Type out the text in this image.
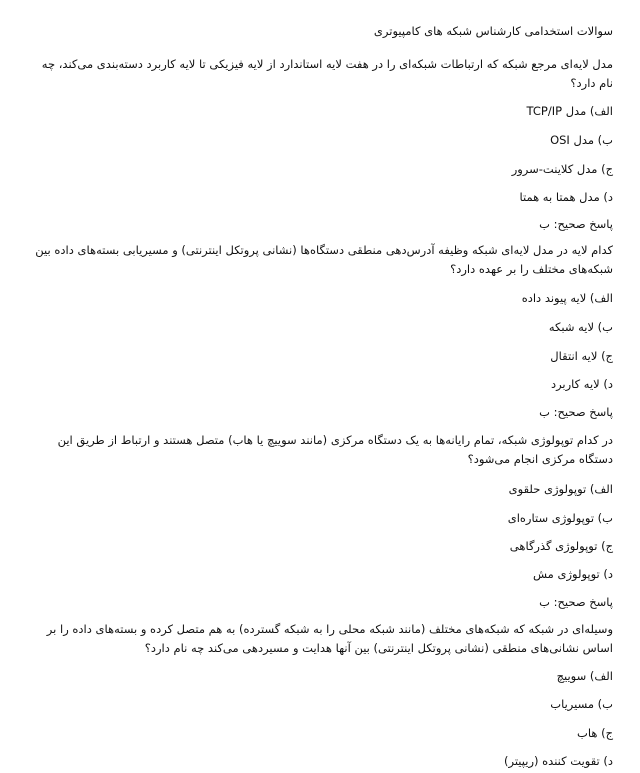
سوالات استخدامی کارشناس شبکه های کامپیوتری
مدل لایه‌ای مرجع شبکه که ارتباطات شبکه‌ای را در هفت لایه استاندارد از لایه فیزیکی تا لایه کاربرد دسته‌بندی می‌کند، چه نام دارد؟
الف) مدل TCP/IP
ب) مدل OSI
ج) مدل کلاینت-سرور
د) مدل همتا به همتا
پاسخ صحیح: ب
کدام لایه در مدل لایه‌ای شبکه وظیفه آدرس‌دهی منطقی دستگاه‌ها (نشانی پروتکل اینترنتی) و مسیریابی بسته‌های داده بین شبکه‌های مختلف را بر عهده دارد؟
الف) لایه پیوند داده
ب) لایه شبکه
ج) لایه انتقال
د) لایه کاربرد
پاسخ صحیح: ب
در کدام توپولوژی شبکه، تمام رایانه‌ها به یک دستگاه مرکزی (مانند سوییچ یا هاب) متصل هستند و ارتباط از طریق این دستگاه مرکزی انجام می‌شود؟
الف) توپولوژی حلقوی
ب) توپولوژی ستاره‌ای
ج) توپولوژی گذرگاهی
د) توپولوژی مش
پاسخ صحیح: ب
وسیله‌ای در شبکه که شبکه‌های مختلف (مانند شبکه محلی را به شبکه گسترده) به هم متصل کرده و بسته‌های داده را بر اساس نشانی‌های منطقی (نشانی پروتکل اینترنتی) بین آنها هدایت و مسیردهی می‌کند چه نام دارد؟
الف) سوییچ
ب) مسیریاب
ج) هاب
د) تقویت کننده (ریپیتر)
